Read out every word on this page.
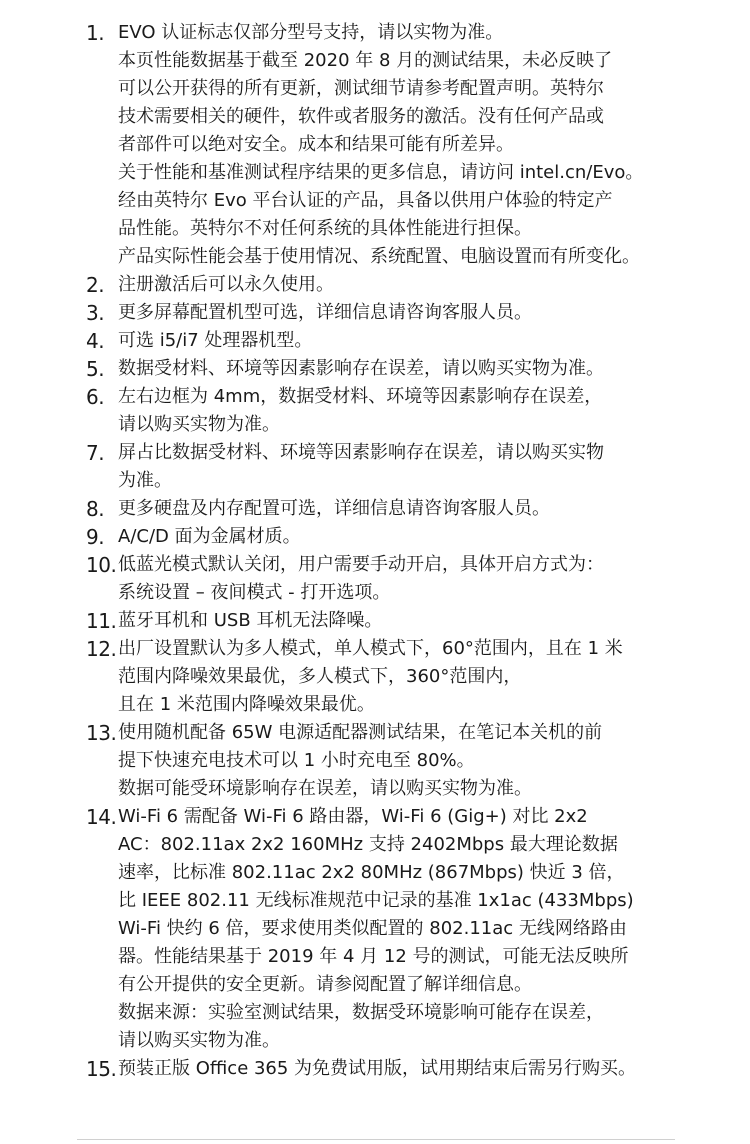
1. EVO 认证标志仅部分型号支持，请以实物为准。
本页性能数据基于截至 2020 年 8 月的测试结果，未必反映了
可以公开获得的所有更新，测试细节请参考配置声明。英特尔
技术需要相关的硬件，软件或者服务的激活。没有任何产品或
者部件可以绝对安全。成本和结果可能有所差异。
关于性能和基准测试程序结果的更多信息，请访问 intel.cn/Evo。
经由英特尔 Evo 平台认证的产品，具备以供用户体验的特定产
品性能。英特尔不对任何系统的具体性能进行担保。
产品实际性能会基于使用情况、系统配置、电脑设置而有所变化。
2. 注册激活后可以永久使用。
3. 更多屏幕配置机型可选，详细信息请咨询客服人员。
4. 可选 i5/i7 处理器机型。
5. 数据受材料、环境等因素影响存在误差，请以购买实物为准。
6. 左右边框为 4mm，数据受材料、环境等因素影响存在误差，
请以购买实物为准。
7. 屏占比数据受材料、环境等因素影响存在误差，请以购买实物
为准。
8. 更多硬盘及内存配置可选，详细信息请咨询客服人员。
9. A/C/D 面为金属材质。
10. 低蓝光模式默认关闭，用户需要手动开启，具体开启方式为：
系统设置 – 夜间模式 - 打开选项。
11. 蓝牙耳机和 USB 耳机无法降噪。
12. 出厂设置默认为多人模式，单人模式下，60°范围内，且在 1 米
范围内降噪效果最优，多人模式下，360°范围内，
且在 1 米范围内降噪效果最优。
13. 使用随机配备 65W 电源适配器测试结果，在笔记本关机的前
提下快速充电技术可以 1 小时充电至 80%。
数据可能受环境影响存在误差，请以购买实物为准。
14. Wi-Fi 6 需配备 Wi-Fi 6 路由器，Wi-Fi 6 (Gig+) 对比 2x2
AC：802.11ax 2x2 160MHz 支持 2402Mbps 最大理论数据
速率，比标准 802.11ac 2x2 80MHz (867Mbps) 快近 3 倍，
比 IEEE 802.11 无线标准规范中记录的基准 1x1ac (433Mbps)
Wi-Fi 快约 6 倍，要求使用类似配置的 802.11ac 无线网络路由
器。性能结果基于 2019 年 4 月 12 号的测试，可能无法反映所
有公开提供的安全更新。请参阅配置了解详细信息。
数据来源：实验室测试结果，数据受环境影响可能存在误差，
请以购买实物为准。
15. 预装正版 Office 365 为免费试用版，试用期结束后需另行购买。
